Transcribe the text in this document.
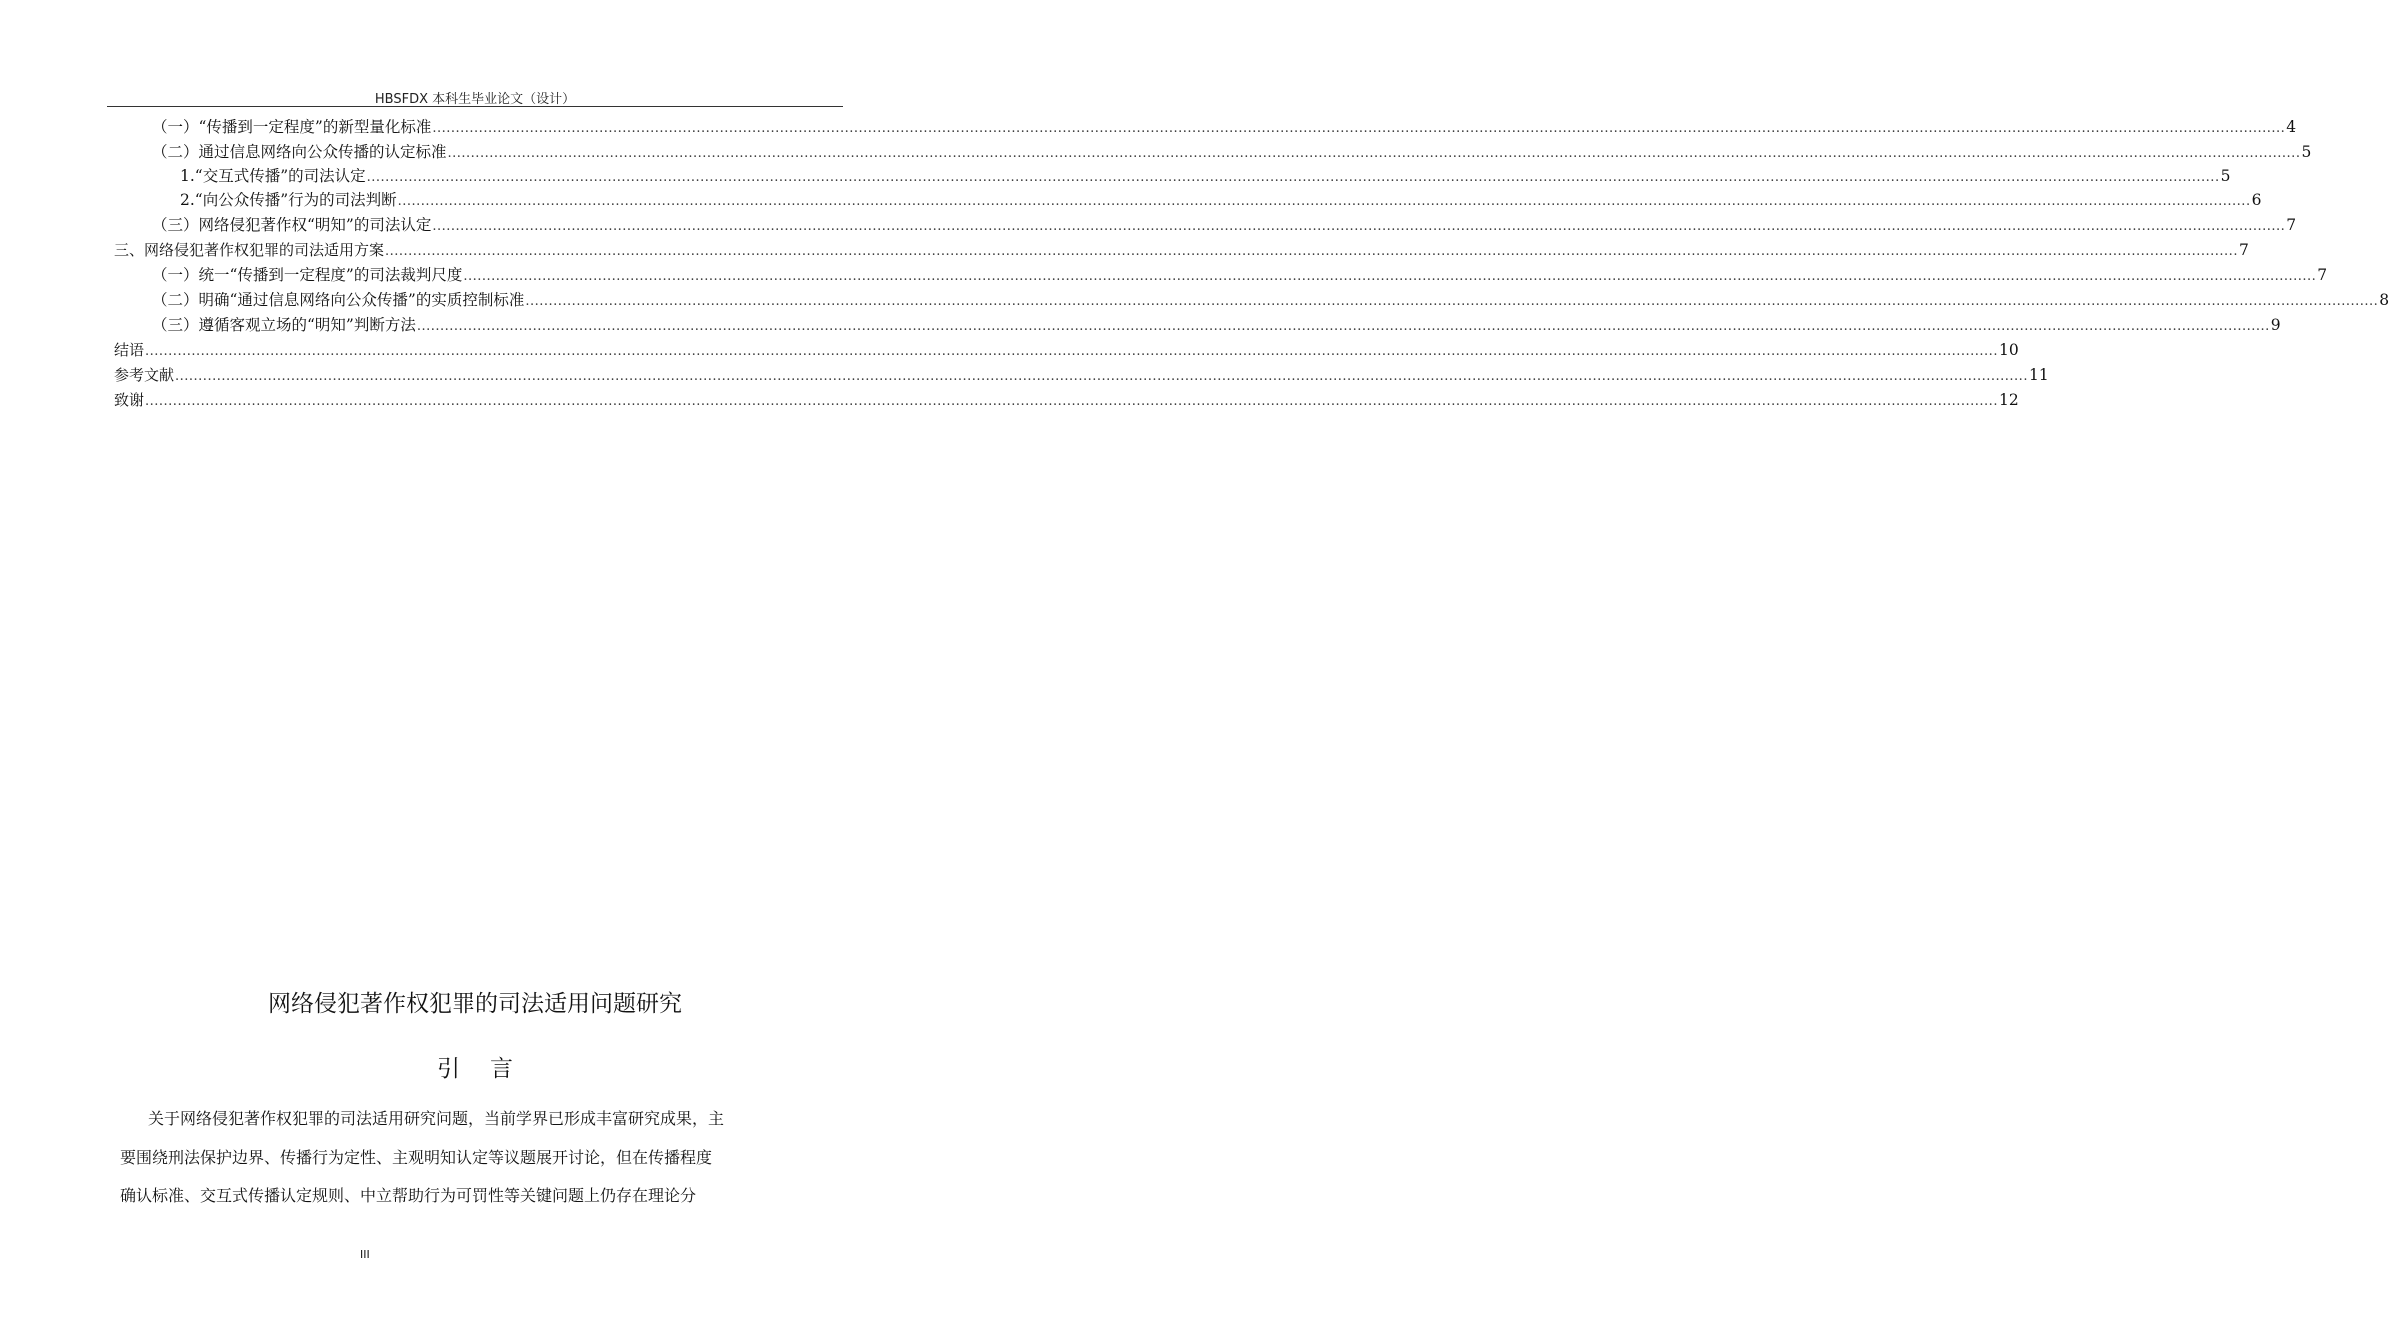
HBSFDX 本科生毕业论文（设计）
（一）“传播到一定程度”的新型量化标准 ................................................................................................................................................................................................................................................................................................................................................................................................................ 4
（二）通过信息网络向公众传播的认定标准 ................................................................................................................................................................................................................................................................................................................................................................................................................ 5
1.“交互式传播”的司法认定 ................................................................................................................................................................................................................................................................................................................................................................................................................ 5
2.“向公众传播”行为的司法判断 ................................................................................................................................................................................................................................................................................................................................................................................................................ 6
（三）网络侵犯著作权“明知”的司法认定 ................................................................................................................................................................................................................................................................................................................................................................................................................ 7
三、网络侵犯著作权犯罪的司法适用方案 ................................................................................................................................................................................................................................................................................................................................................................................................................ 7
（一）统一“传播到一定程度”的司法裁判尺度 ................................................................................................................................................................................................................................................................................................................................................................................................................ 7
（二）明确“通过信息网络向公众传播”的实质控制标准 ................................................................................................................................................................................................................................................................................................................................................................................................................ 8
（三）遵循客观立场的“明知”判断方法 ................................................................................................................................................................................................................................................................................................................................................................................................................ 9
结语 ................................................................................................................................................................................................................................................................................................................................................................................................................ 10
参考文献 ................................................................................................................................................................................................................................................................................................................................................................................................................ 11
致谢 ................................................................................................................................................................................................................................................................................................................................................................................................................ 12
网络侵犯著作权犯罪的司法适用问题研究
引言
关于网络侵犯著作权犯罪的司法适用研究问题，当前学界已形成丰富研究成果，主
要围绕刑法保护边界、传播行为定性、主观明知认定等议题展开讨论，但在传播程度
确认标准、交互式传播认定规则、中立帮助行为可罚性等关键问题上仍存在理论分
III
